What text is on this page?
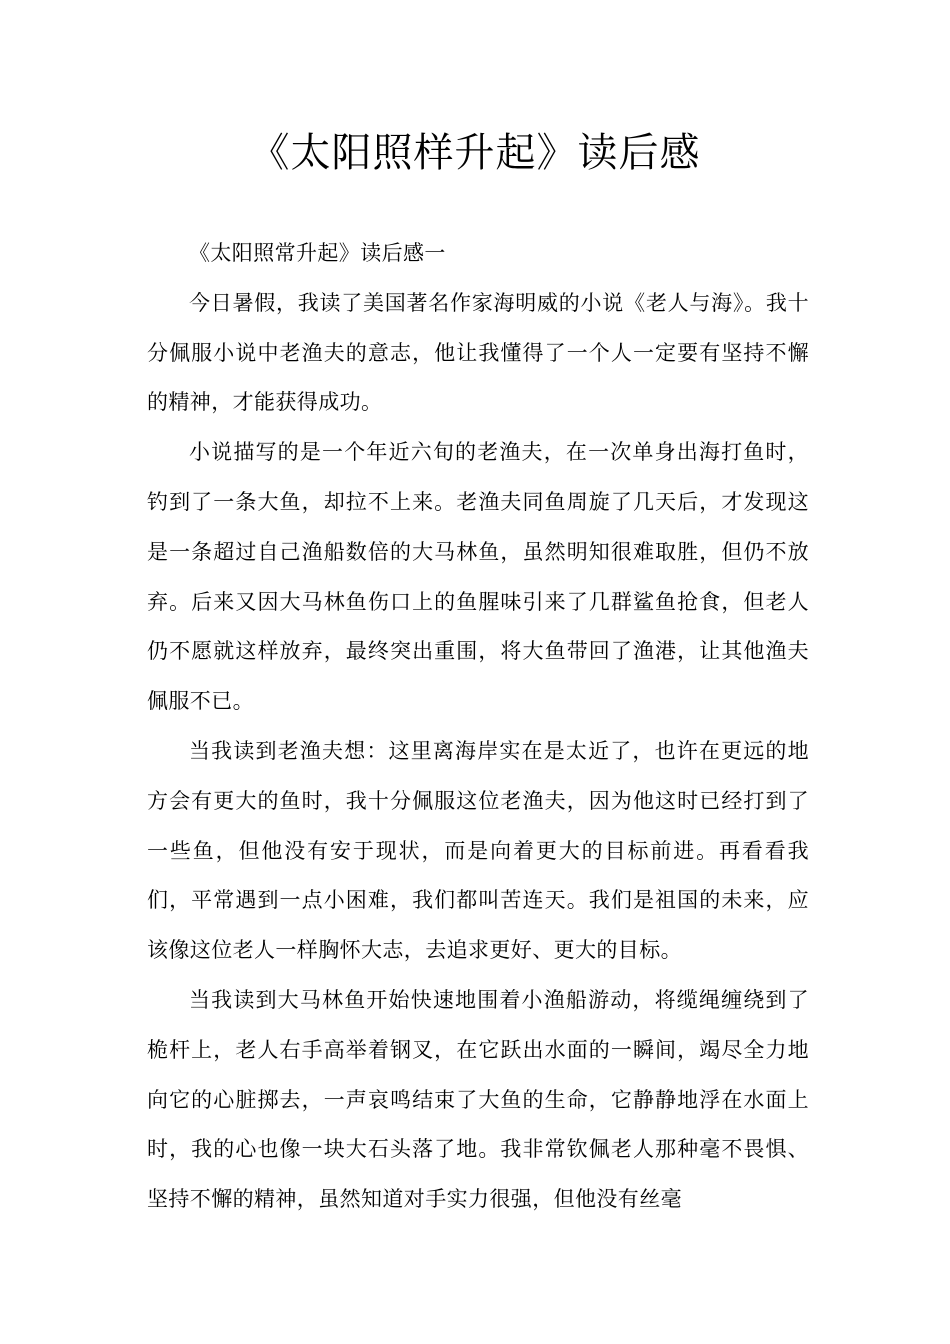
《太阳照样升起》读后感

《太阳照常升起》读后感一

今日暑假，我读了美国著名作家海明威的小说《老人与海》。我十分佩服小说中老渔夫的意志，他让我懂得了一个人一定要有坚持不懈的精神，才能获得成功。

小说描写的是一个年近六旬的老渔夫，在一次单身出海打鱼时，钓到了一条大鱼，却拉不上来。老渔夫同鱼周旋了几天后，才发现这是一条超过自己渔船数倍的大马林鱼，虽然明知很难取胜，但仍不放弃。后来又因大马林鱼伤口上的鱼腥味引来了几群鲨鱼抢食，但老人仍不愿就这样放弃，最终突出重围，将大鱼带回了渔港，让其他渔夫佩服不已。

当我读到老渔夫想：这里离海岸实在是太近了，也许在更远的地方会有更大的鱼时，我十分佩服这位老渔夫，因为他这时已经打到了一些鱼，但他没有安于现状，而是向着更大的目标前进。再看看我们，平常遇到一点小困难，我们都叫苦连天。我们是祖国的未来，应该像这位老人一样胸怀大志，去追求更好、更大的目标。

当我读到大马林鱼开始快速地围着小渔船游动，将缆绳缠绕到了桅杆上，老人右手高举着钢叉，在它跃出水面的一瞬间，竭尽全力地向它的心脏掷去，一声哀鸣结束了大鱼的生命，它静静地浮在水面上时，我的心也像一块大石头落了地。我非常钦佩老人那种毫不畏惧、坚持不懈的精神，虽然知道对手实力很强，但他没有丝毫
